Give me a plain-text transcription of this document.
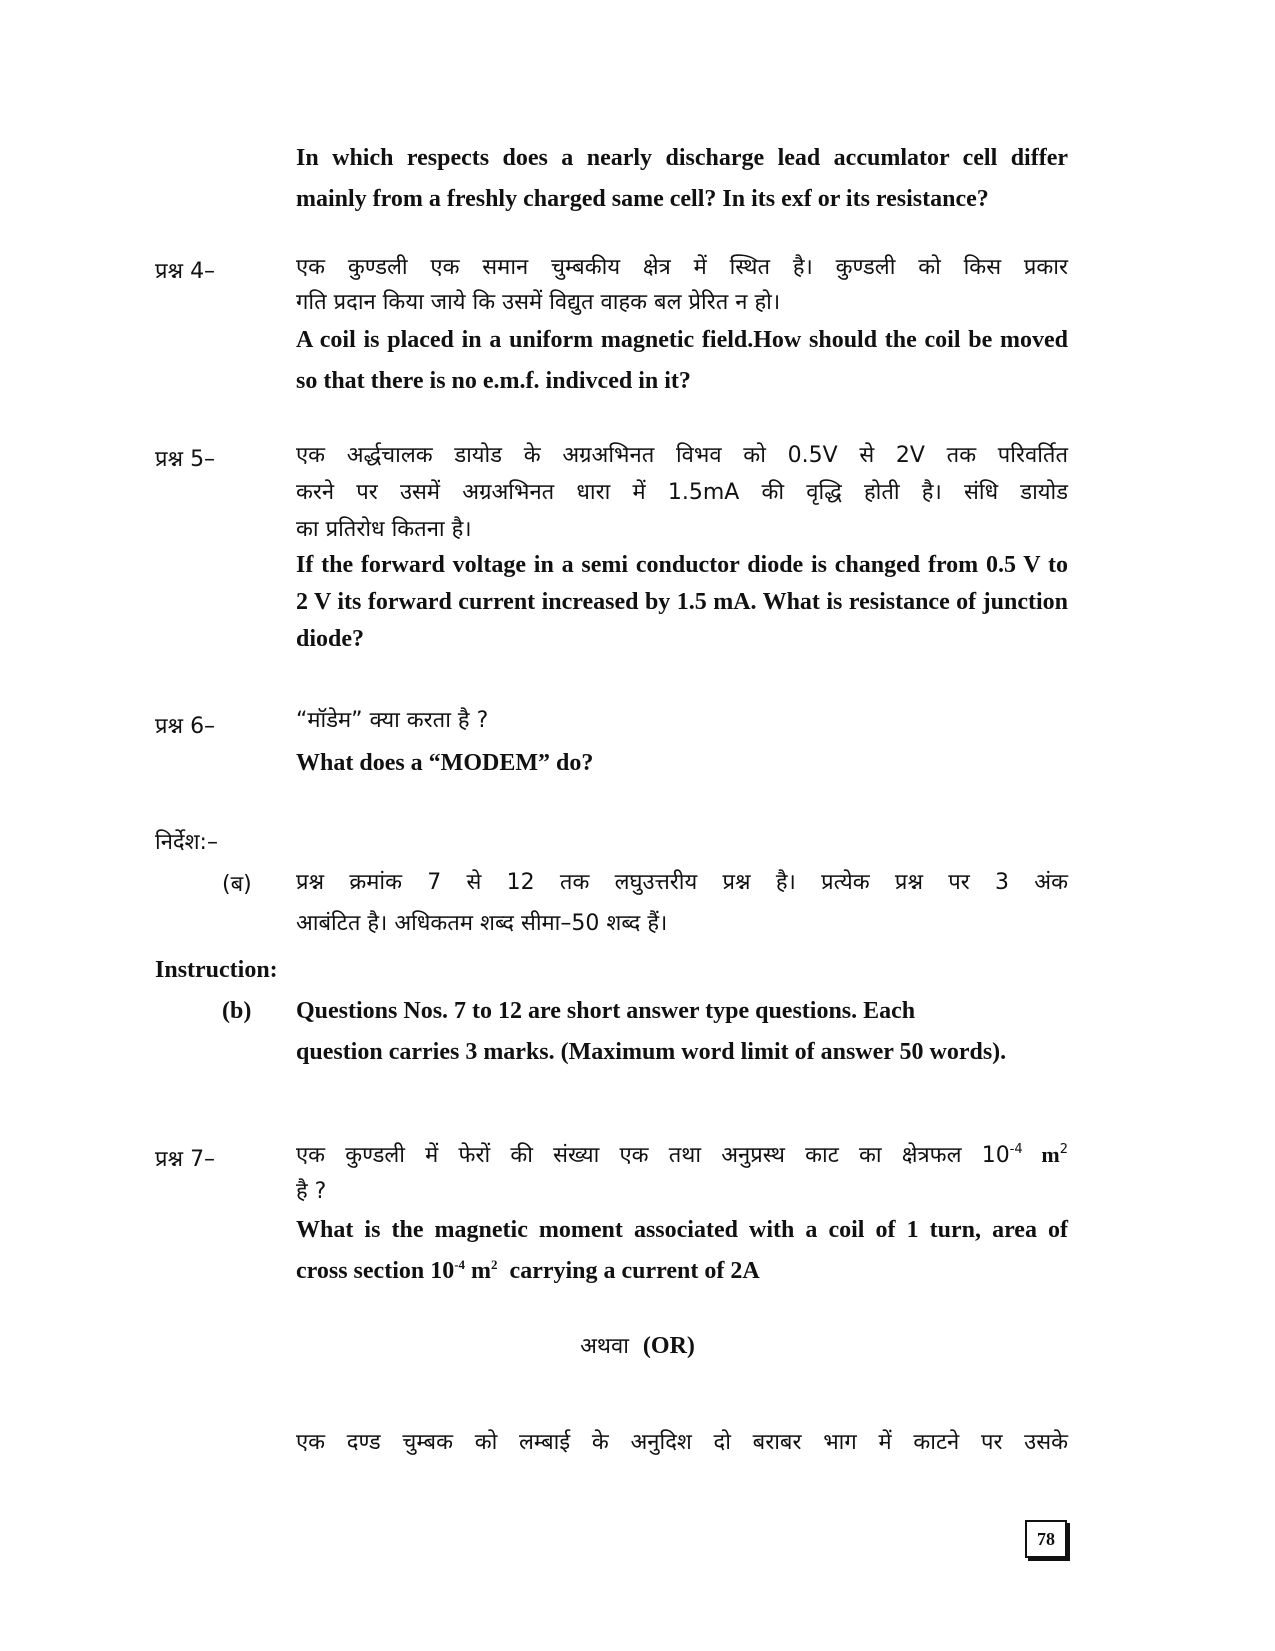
In which respects does a nearly discharge lead accumlator cell differ
mainly from a freshly charged same cell? In its exf or its resistance?
प्रश्न 4–	एक कुण्डली एक समान चुम्बकीय क्षेत्र में स्थित है। कुण्डली को किस प्रकार
गति प्रदान किया जाये कि उसमें विद्युत वाहक बल प्रेरित न हो।
A coil is placed in a uniform magnetic field.How should the coil be moved
so that there is no e.m.f. indivced in it?
प्रश्न 5–	एक अर्द्धचालक डायोड के अग्रअभिनत विभव को 0.5V से 2V तक परिवर्तित
करने पर उसमें अग्रअभिनत धारा में 1.5mA की वृद्धि होती है। संधि डायोड
का प्रतिरोध कितना है।
If the forward voltage in a semi conductor diode is changed from 0.5 V to
2 V its forward current increased by 1.5 mA. What is resistance of junction
diode?
प्रश्न 6–	“मॉडेम” क्या करता है ?
What does a “MODEM” do?
निर्देश:–
(ब) प्रश्न क्रमांक 7 से 12 तक लघुउत्तरीय प्रश्न है। प्रत्येक प्रश्न पर 3 अंक
आबंटित है। अधिकतम शब्द सीमा–50 शब्द हैं।
Instruction:
(b) Questions Nos. 7 to 12 are short answer type questions. Each
question carries 3 marks. (Maximum word limit of answer 50 words).
प्रश्न 7–	एक कुण्डली में फेरों की संख्या एक तथा अनुप्रस्थ काट का क्षेत्रफल $10^{-4}$ $m^2$
है ?
What is the magnetic moment associated with a coil of 1 turn, area of
cross section $10^{-4}$ $m^2$  carrying a current of 2A
अथवा (OR)
एक दण्ड चुम्बक को लम्बाई के अनुदिश दो बराबर भाग में काटने पर उसके
78
